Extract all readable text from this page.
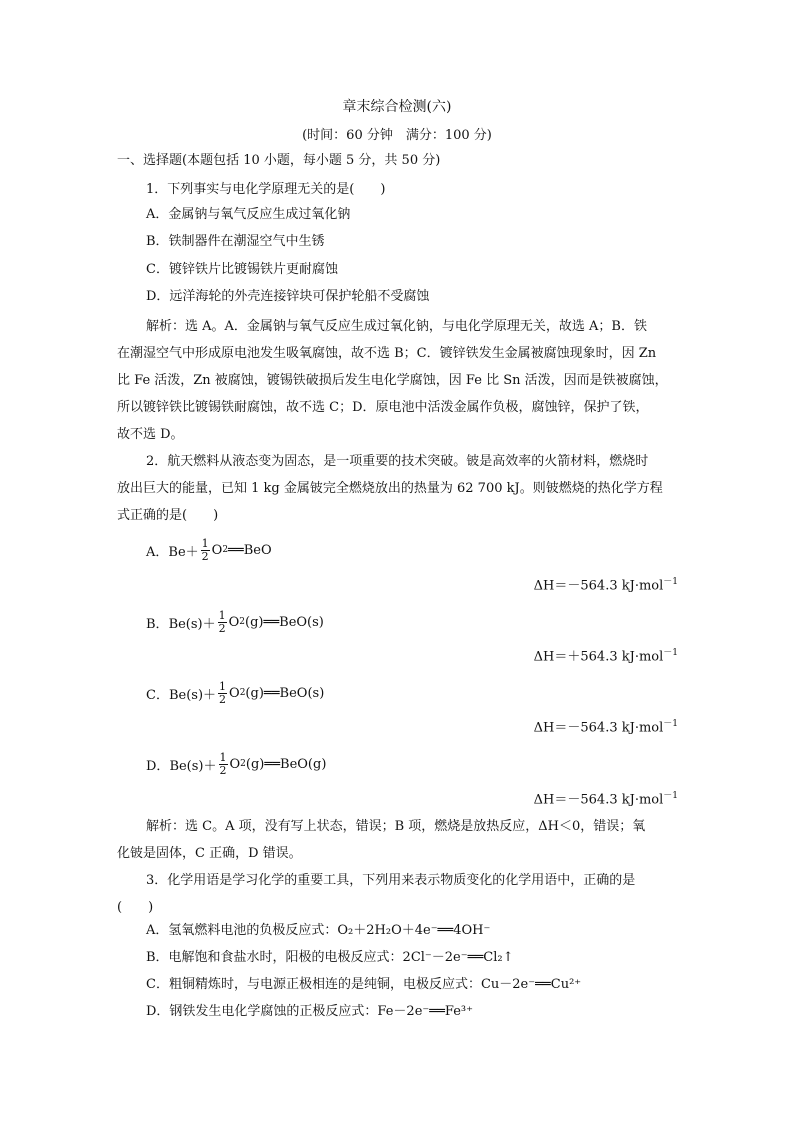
章末综合检测(六)
(时间：60 分钟　满分：100 分)
一、选择题(本题包括 10 小题，每小题 5 分，共 50 分)
1．下列事实与电化学原理无关的是(　　)
A．金属钠与氧气反应生成过氧化钠
B．铁制器件在潮湿空气中生锈
C．镀锌铁片比镀锡铁片更耐腐蚀
D．远洋海轮的外壳连接锌块可保护轮船不受腐蚀
解析：选 A。A．金属钠与氧气反应生成过氧化钠，与电化学原理无关，故选 A；B．铁
在潮湿空气中形成原电池发生吸氧腐蚀，故不选 B；C．镀锌铁发生金属被腐蚀现象时，因 Zn
比 Fe 活泼，Zn 被腐蚀，镀锡铁破损后发生电化学腐蚀，因 Fe 比 Sn 活泼，因而是铁被腐蚀，
所以镀锌铁比镀锡铁耐腐蚀，故不选 C；D．原电池中活泼金属作负极，腐蚀锌，保护了铁，
故不选 D。
2．航天燃料从液态变为固态，是一项重要的技术突破。铍是高效率的火箭材料，燃烧时
放出巨大的能量，已知 1 kg 金属铍完全燃烧放出的热量为 62 700 kJ。则铍燃烧的热化学方程
式正确的是(　　)
A． $Be+ \frac{1}{2}$ O 2 ══BeO
ΔH＝－564.3 kJ·mol$^{-1}$
B． $Be(s)+ \frac{1}{2}$ O 2 (g)══BeO(s)
ΔH＝＋564.3 kJ·mol$^{-1}$
C． $Be(s)+ \frac{1}{2}$ O 2 (g)══BeO(s)
ΔH＝－564.3 kJ·mol$^{-1}$
D． $Be(s)+ \frac{1}{2}$ O 2 (g)══BeO(g)
ΔH＝－564.3 kJ·mol$^{-1}$
解析：选 C。A 项，没有写上状态，错误；B 项，燃烧是放热反应，ΔH＜0，错误；氧
化铍是固体，C 正确，D 错误。
3．化学用语是学习化学的重要工具，下列用来表示物质变化的化学用语中，正确的是
(　　)
A．氢氧燃料电池的负极反应式：O₂＋2H₂O＋4e⁻══4OH⁻
B．电解饱和食盐水时，阳极的电极反应式：2Cl⁻－2e⁻══Cl₂↑
C．粗铜精炼时，与电源正极相连的是纯铜，电极反应式：Cu－2e⁻══Cu²⁺
D．钢铁发生电化学腐蚀的正极反应式：Fe－2e⁻══Fe³⁺
